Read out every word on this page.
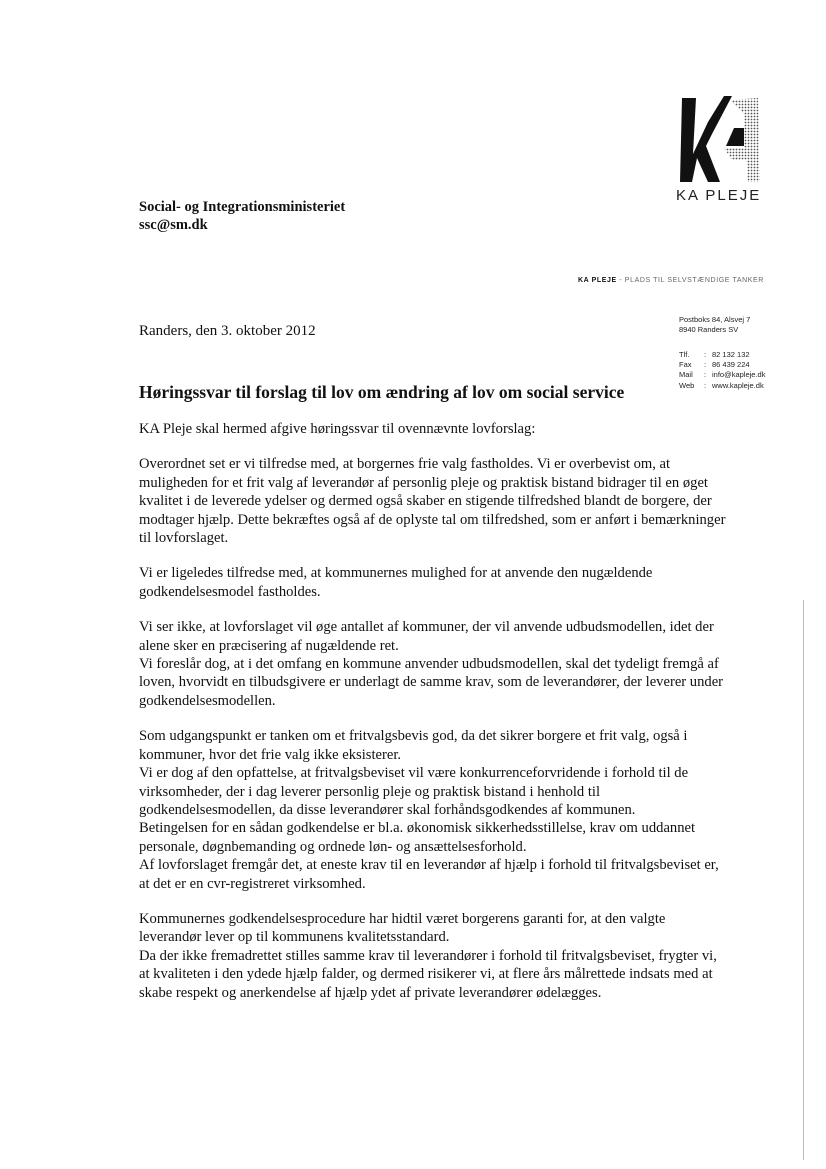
KA PLEJE
Social- og Integrationsministeriet
ssc@sm.dk
KA PLEJE - PLADS TIL SELVSTÆNDIGE TANKER
Postboks 84, Alsvej 7
8940 Randers SV
Tlf.	:	82 132 132
Fax	:	86 439 224
Mail	:	info@kapleje.dk
Web	:	www.kapleje.dk
Randers, den 3. oktober 2012
Høringssvar til forslag til lov om ændring af lov om social service

KA Pleje skal hermed afgive høringssvar til ovennævnte lovforslag:

Overordnet set er vi tilfredse med, at borgernes frie valg fastholdes. Vi er overbevist om, at muligheden for et frit valg af leverandør af personlig pleje og praktisk bistand bidrager til en øget kvalitet i de leverede ydelser og dermed også skaber en stigende tilfredshed blandt de borgere, der modtager hjælp. Dette bekræftes også af de oplyste tal om tilfredshed, som er anført i bemærkninger til lovforslaget.

Vi er ligeledes tilfredse med, at kommunernes mulighed for at anvende den nugældende godkendelsesmodel fastholdes.

Vi ser ikke, at lovforslaget vil øge antallet af kommuner, der vil anvende udbudsmodellen, idet der alene sker en præcisering af nugældende ret.

Vi foreslår dog, at i det omfang en kommune anvender udbudsmodellen, skal det tydeligt fremgå af loven, hvorvidt en tilbudsgivere er underlagt de samme krav, som de leverandører, der leverer under godkendelsesmodellen.

Som udgangspunkt er tanken om et fritvalgsbevis god, da det sikrer borgere et frit valg, også i kommuner, hvor det frie valg ikke eksisterer.

Vi er dog af den opfattelse, at fritvalgsbeviset vil være konkurrenceforvridende i forhold til de virksomheder, der i dag leverer personlig pleje og praktisk bistand i henhold til godkendelsesmodellen, da disse leverandører skal forhåndsgodkendes af kommunen.

Betingelsen for en sådan godkendelse er bl.a. økonomisk sikkerhedsstillelse, krav om uddannet personale, døgnbemanding og ordnede løn- og ansættelsesforhold.

Af lovforslaget fremgår det, at eneste krav til en leverandør af hjælp i forhold til fritvalgsbeviset er, at det er en cvr-registreret virksomhed.

Kommunernes godkendelsesprocedure har hidtil været borgerens garanti for, at den valgte leverandør lever op til kommunens kvalitetsstandard.

Da der ikke fremadrettet stilles samme krav til leverandører i forhold til fritvalgsbeviset, frygter vi, at kvaliteten i den ydede hjælp falder, og dermed risikerer vi, at flere års målrettede indsats med at skabe respekt og anerkendelse af hjælp ydet af private leverandører ødelægges.
